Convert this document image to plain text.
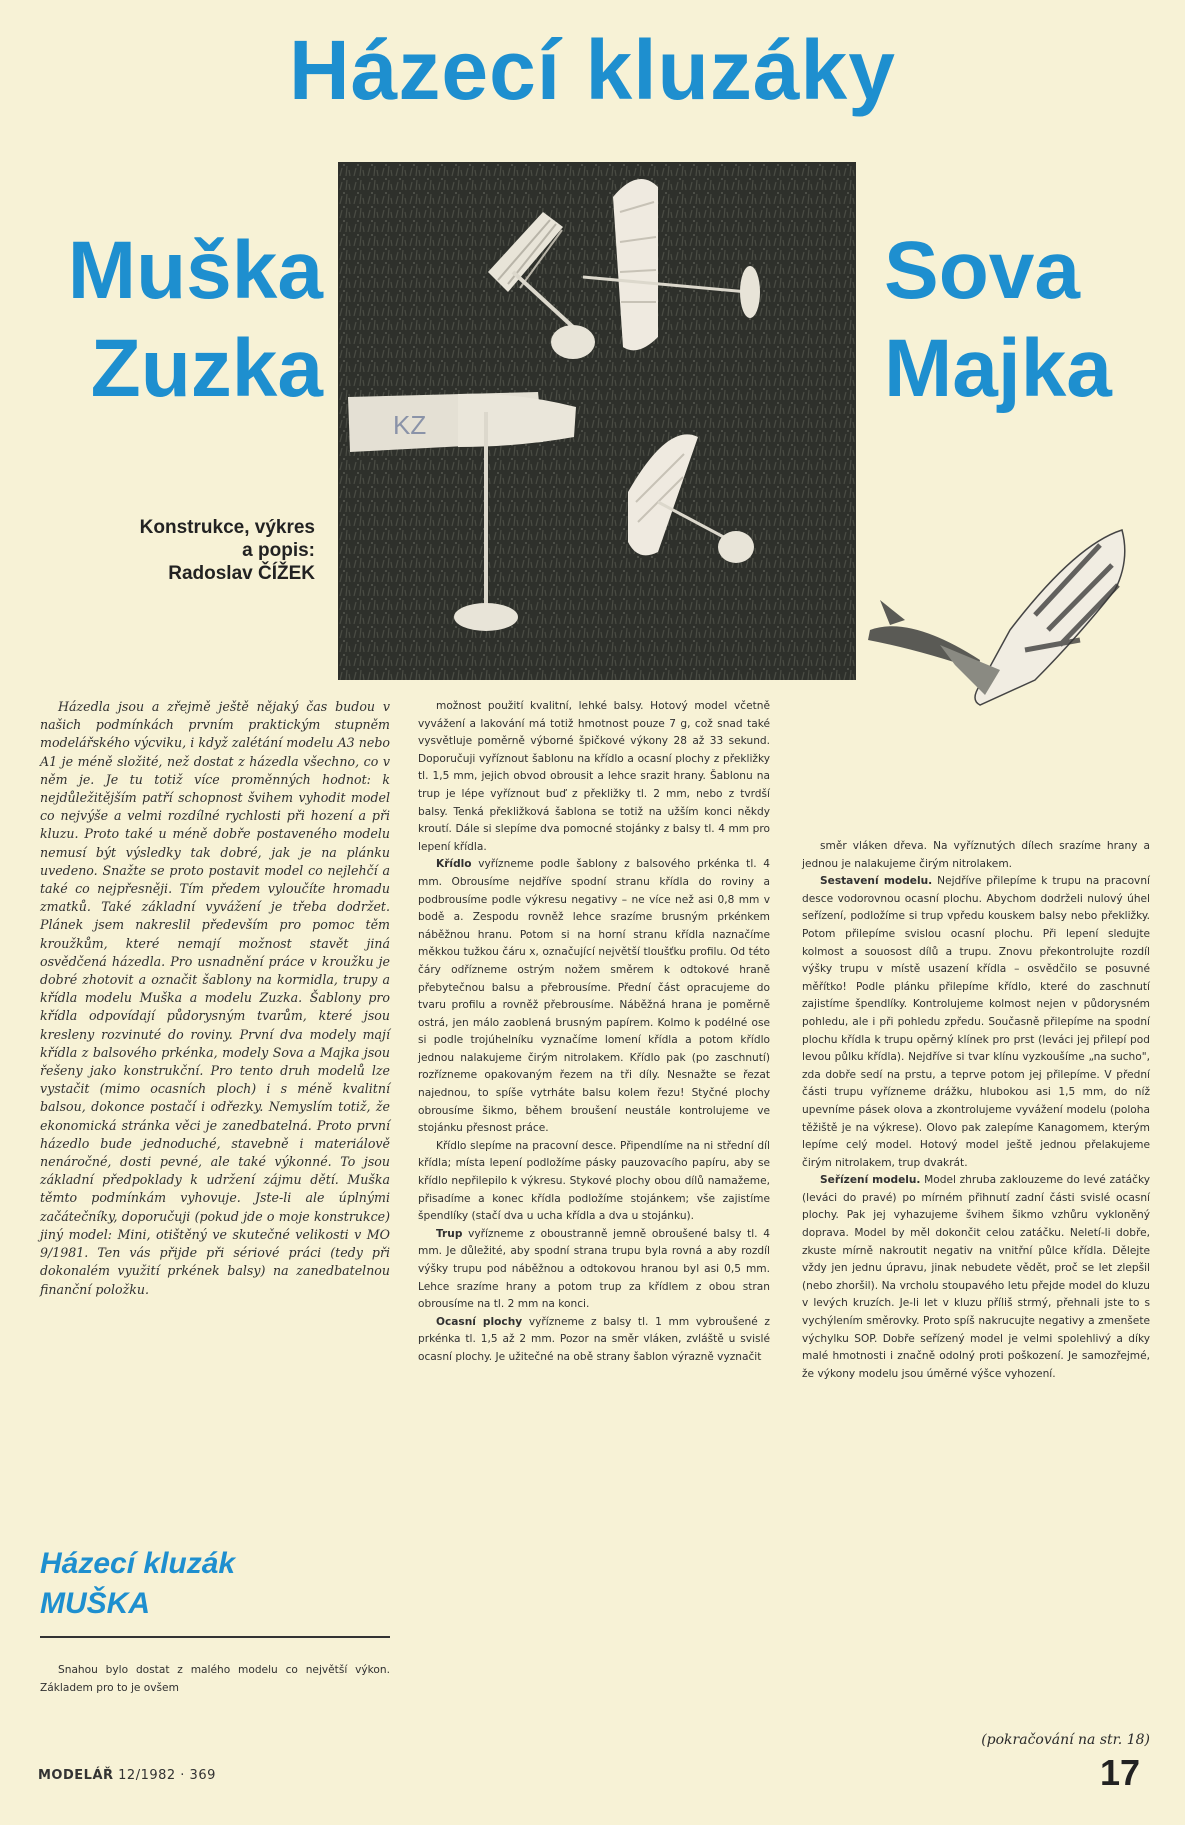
Házecí kluzáky
Muška
Zuzka
Sova
Majka
Konstrukce, výkres
a popis:
Radoslav ČÍŽEK
KZ

Házedla jsou a zřejmě ještě nějaký čas budou v našich podmínkách prvním praktickým stupněm modelářského výcviku, i když zalétání modelu A3 nebo A1 je méně složité, než dostat z házedla všechno, co v něm je. Je tu totiž více proměnných hodnot: k nejdůležitějším patří schopnost švihem vyhodit model co nejvýše a velmi rozdílné rychlosti při hození a při kluzu. Proto také u méně dobře postaveného modelu nemusí být výsledky tak dobré, jak je na plánku uvedeno. Snažte se proto postavit model co nejlehčí a také co nejpřesněji. Tím předem vyloučíte hromadu zmatků. Také základní vyvážení je třeba dodržet. Plánek jsem nakreslil především pro pomoc těm kroužkům, které nemají možnost stavět jiná osvědčená házedla. Pro usnadnění práce v kroužku je dobré zhotovit a označit šablony na kormidla, trupy a křídla modelu Muška a modelu Zuzka. Šablony pro křídla odpovídají půdorysným tvarům, které jsou kresleny rozvinuté do roviny. První dva modely mají křídla z balsového prkénka, modely Sova a Majka jsou řešeny jako konstrukční. Pro tento druh modelů lze vystačit (mimo ocasních ploch) i s méně kvalitní balsou, dokonce postačí i odřezky. Nemyslím totiž, že ekonomická stránka věci je zanedbatelná. Proto první házedlo bude jednoduché, stavebně i materiálově nenáročné, dosti pevné, ale také výkonné. To jsou základní předpoklady k udržení zájmu dětí. Muška těmto podmínkám vyhovuje. Jste-li ale úplnými začátečníky, doporučuji (pokud jde o moje konstrukce) jiný model: Mini, otištěný ve skutečné velikosti v MO 9/1981. Ten vás přijde při sériové práci (tedy při dokonalém využití prkének balsy) na zanedbatelnou finanční položku.

Házecí kluzák
MUŠKA

Snahou bylo dostat z malého modelu co největší výkon. Základem pro to je ovšem

možnost použití kvalitní, lehké balsy. Hotový model včetně vyvážení a lakování má totiž hmotnost pouze 7 g, což snad také vysvětluje poměrně výborné špičkové výkony 28 až 33 sekund. Doporučuji vyříznout šablonu na křídlo a ocasní plochy z překližky tl. 1,5 mm, jejich obvod obrousit a lehce srazit hrany. Šablonu na trup je lépe vyříznout buď z překližky tl. 2 mm, nebo z tvrdší balsy. Tenká překližková šablona se totiž na užším konci někdy kroutí. Dále si slepíme dva pomocné stojánky z balsy tl. 4 mm pro lepení křídla.

Křídlo vyřízneme podle šablony z balsového prkénka tl. 4 mm. Obrousíme nejdříve spodní stranu křídla do roviny a podbrousíme podle výkresu negativy – ne více než asi 0,8 mm v bodě a. Zespodu rovněž lehce srazíme brusným prkénkem náběžnou hranu. Potom si na horní stranu křídla naznačíme měkkou tužkou čáru x, označující největší tloušťku profilu. Od této čáry odřízneme ostrým nožem směrem k odtokové hraně přebytečnou balsu a přebrousíme. Přední část opracujeme do tvaru profilu a rovněž přebrousíme. Náběžná hrana je poměrně ostrá, jen málo zaoblená brusným papírem. Kolmo k podélné ose si podle trojúhelníku vyznačíme lomení křídla a potom křídlo jednou nalakujeme čirým nitrolakem. Křídlo pak (po zaschnutí) rozřízneme opakovaným řezem na tři díly. Nesnažte se řezat najednou, to spíše vytrháte balsu kolem řezu! Styčné plochy obrousíme šikmo, během broušení neustále kontrolujeme ve stojánku přesnost práce.

Křídlo slepíme na pracovní desce. Připendlíme na ni střední díl křídla; místa lepení podložíme pásky pauzovacího papíru, aby se křídlo nepřilepilo k výkresu. Stykové plochy obou dílů namažeme, přisadíme a konec křídla podložíme stojánkem; vše zajistíme špendlíky (stačí dva u ucha křídla a dva u stojánku).

Trup vyřízneme z oboustranně jemně obroušené balsy tl. 4 mm. Je důležité, aby spodní strana trupu byla rovná a aby rozdíl výšky trupu pod náběžnou a odtokovou hranou byl asi 0,5 mm. Lehce srazíme hrany a potom trup za křídlem z obou stran obrousíme na tl. 2 mm na konci.

Ocasní plochy vyřízneme z balsy tl. 1 mm vybroušené z prkénka tl. 1,5 až 2 mm. Pozor na směr vláken, zvláště u svislé ocasní plochy. Je užitečné na obě strany šablon výrazně vyznačit

směr vláken dřeva. Na vyříznutých dílech srazíme hrany a jednou je nalakujeme čirým nitrolakem.

Sestavení modelu. Nejdříve přilepíme k trupu na pracovní desce vodorovnou ocasní plochu. Abychom dodrželi nulový úhel seřízení, podložíme si trup vpředu kouskem balsy nebo překližky. Potom přilepíme svislou ocasní plochu. Při lepení sledujte kolmost a souosost dílů a trupu. Znovu překontrolujte rozdíl výšky trupu v místě usazení křídla – osvědčilo se posuvné měřítko! Podle plánku přilepíme křídlo, které do zaschnutí zajistíme špendlíky. Kontrolujeme kolmost nejen v půdorysném pohledu, ale i při pohledu zpředu. Současně přilepíme na spodní plochu křídla k trupu opěrný klínek pro prst (leváci jej přilepí pod levou půlku křídla). Nejdříve si tvar klínu vyzkoušíme „na sucho", zda dobře sedí na prstu, a teprve potom jej přilepíme. V přední části trupu vyřízneme drážku, hlubokou asi 1,5 mm, do níž upevníme pásek olova a zkontrolujeme vyvážení modelu (poloha těžiště je na výkrese). Olovo pak zalepíme Kanagomem, kterým lepíme celý model. Hotový model ještě jednou přelakujeme čirým nitrolakem, trup dvakrát.

Seřízení modelu. Model zhruba zaklouzeme do levé zatáčky (leváci do pravé) po mírném přihnutí zadní části svislé ocasní plochy. Pak jej vyhazujeme švihem šikmo vzhůru vykloněný doprava. Model by měl dokončit celou zatáčku. Neletí-li dobře, zkuste mírně nakroutit negativ na vnitřní půlce křídla. Dělejte vždy jen jednu úpravu, jinak nebudete vědět, proč se let zlepšil (nebo zhoršil). Na vrcholu stoupavého letu přejde model do kluzu v levých kruzích. Je-li let v kluzu příliš strmý, přehnali jste to s vychýlením směrovky. Proto spíš nakrucujte negativy a zmenšete výchylku SOP. Dobře seřízený model je velmi spolehlivý a díky malé hmotnosti i značně odolný proti poškození. Je samozřejmé, že výkony modelu jsou úměrné výšce vyhození.

(pokračování na str. 18)
MODELÁŘ 12/1982 · 369	17
